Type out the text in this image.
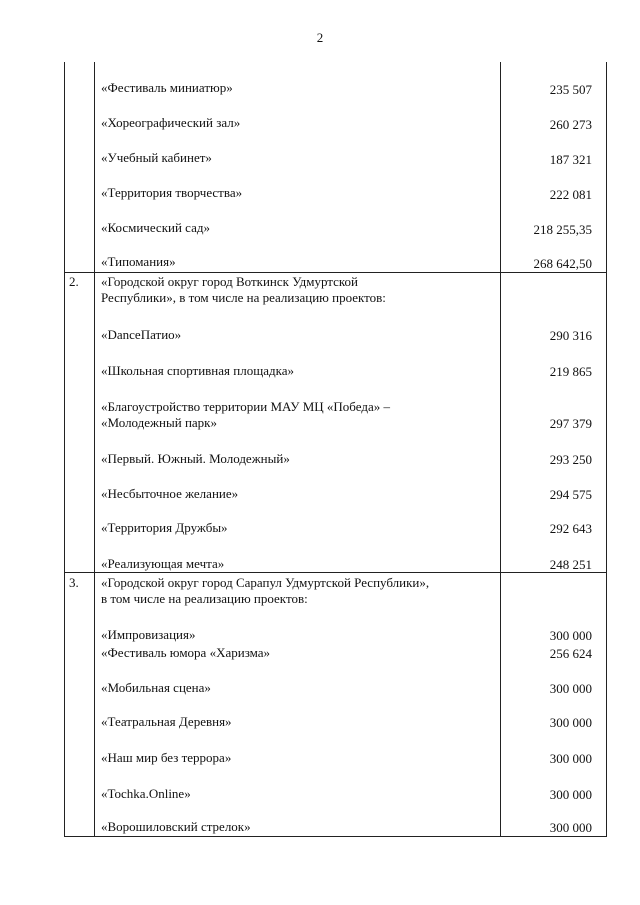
2
«Фестиваль миниатюр»	235 507
«Хореографический зал»	260 273
«Учебный кабинет»	187 321
«Территория творчества»	222 081
«Космический сад»	218 255,35
«Типомания»	268 642,50
2. «Городской округ город Воткинск Удмуртской
Республики», в том числе на реализацию проектов:
«DanceПатио»	290 316
«Школьная спортивная площадка»	219 865
«Благоустройство территории МАУ МЦ «Победа» –
«Молодежный парк»	297 379
«Первый. Южный. Молодежный»	293 250
«Несбыточное желание»	294 575
«Территория Дружбы»	292 643
«Реализующая мечта»	248 251
3. «Городской округ город Сарапул Удмуртской Республики»,
в том числе на реализацию проектов:
«Импровизация»	300 000
«Фестиваль юмора «Харизма»	256 624
«Мобильная сцена»	300 000
«Театральная Деревня»	300 000
«Наш мир без террора»	300 000
«Tochka.Online»	300 000
«Ворошиловский стрелок»	300 000
